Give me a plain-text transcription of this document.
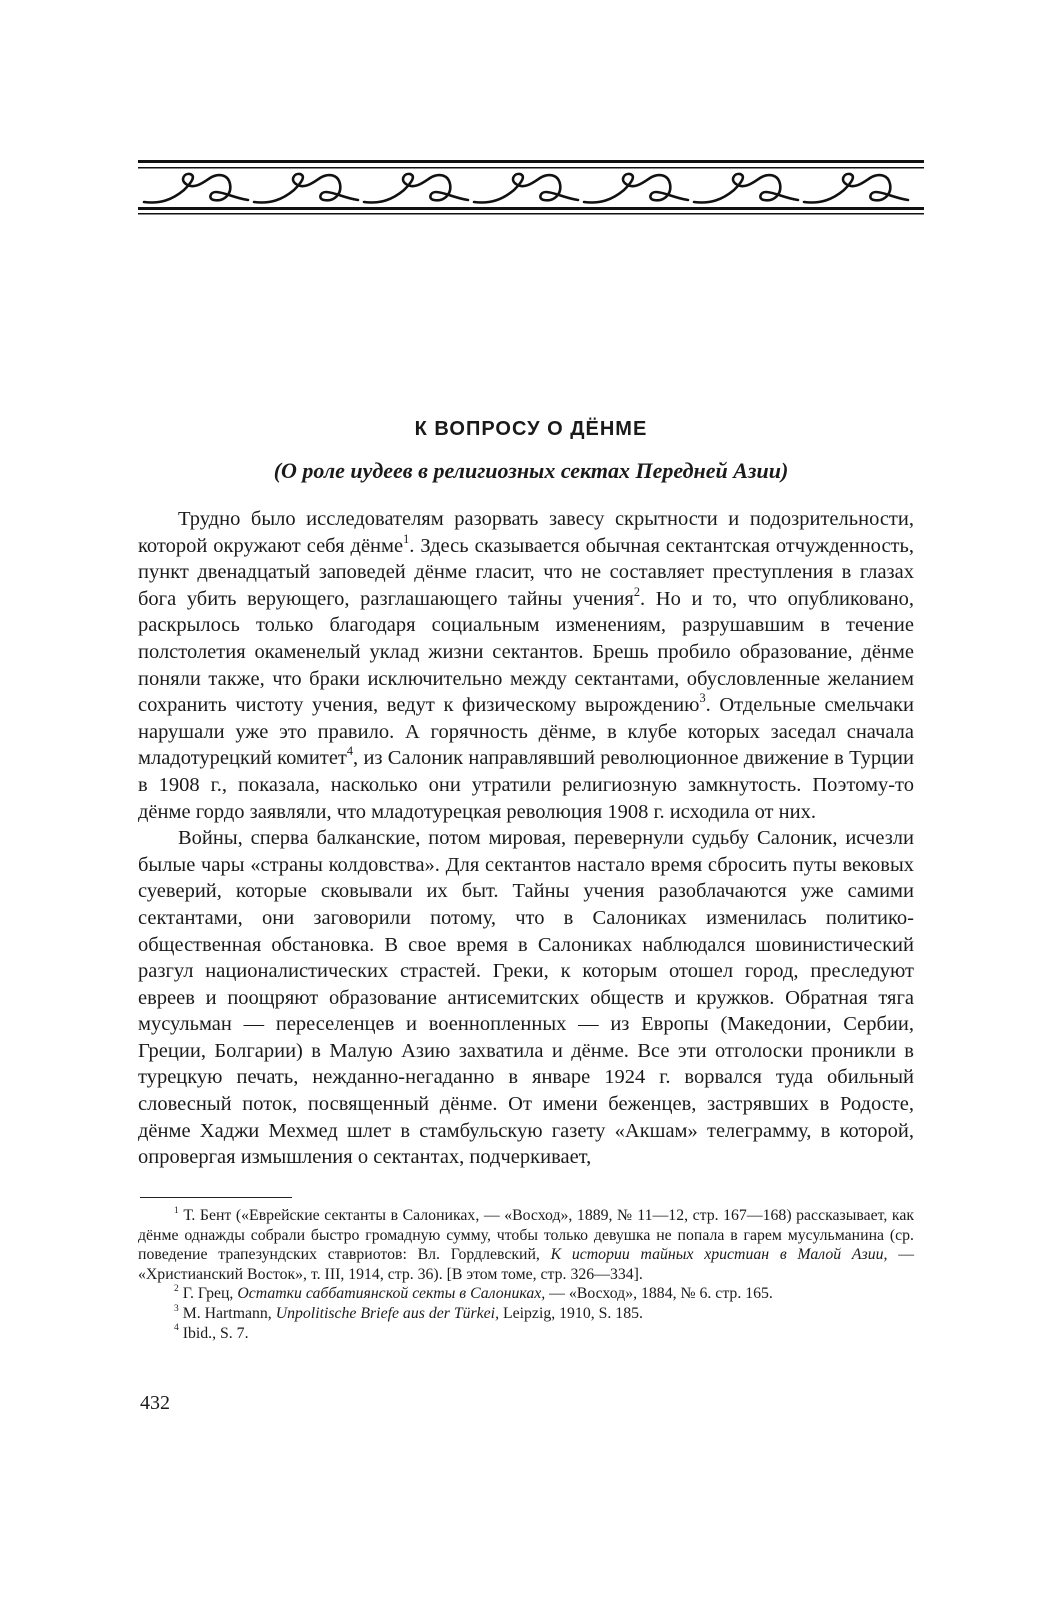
К ВОПРОСУ О ДЁНМЕ
(О роле иудеев в религиозных сектах Передней Азии)

Трудно было исследователям разорвать завесу скрытности и подозрительности, которой окружают себя дёнме$^1$. Здесь сказывается обычная сектантская отчужденность, пункт двенадцатый заповедей дёнме гласит, что не составляет преступления в глазах бога убить верующего, разглашающего тайны учения$^2$. Но и то, что опубликовано, раскрылось только благодаря социальным изменениям, разрушавшим в течение полстолетия окаменелый уклад жизни сектантов. Брешь пробило образование, дёнме поняли также, что браки исключительно между сектантами, обусловленные желанием сохранить чистоту учения, ведут к физическому вырождению$^3$. Отдельные смельчаки нарушали уже это правило. А горячность дёнме, в клубе которых заседал сначала младотурецкий комитет$^4$, из Салоник направлявший революционное движение в Турции в 1908 г., показала, насколько они утратили религиозную замкнутость. Поэтому-то дёнме гордо заявляли, что младотурецкая революция 1908 г. исходила от них.

Войны, сперва балканские, потом мировая, перевернули судьбу Салоник, исчезли былые чары «страны колдовства». Для сектантов настало время сбросить путы вековых суеверий, которые сковывали их быт. Тайны учения разоблачаются уже самими сектантами, они заговорили потому, что в Салониках изменилась политико-общественная обстановка. В свое время в Салониках наблюдался шовинистический разгул националистических страстей. Греки, к которым отошел город, преследуют евреев и поощряют образование антисемитских обществ и кружков. Обратная тяга мусульман — переселенцев и военнопленных — из Европы (Македонии, Сербии, Греции, Болгарии) в Малую Азию захватила и дёнме. Все эти отголоски проникли в турецкую печать, нежданно-негаданно в январе 1924 г. ворвался туда обильный словесный поток, посвященный дёнме. От имени беженцев, застрявших в Родосте, дёнме Хаджи Мехмед шлет в стамбульскую газету «Акшам» телеграмму, в которой, опровергая измышления о сектантах, подчеркивает,

$^1$ Т. Бент («Еврейские сектанты в Салониках, — «Восход», 1889, № 11—12, стр. 167—168) рассказывает, как дёнме однажды собрали быстро громадную сумму, чтобы только девушка не попала в гарем мусульманина (ср. поведение трапезундских ставриотов: Вл. Гордлевский, К истории тайных христиан в Малой Азии, — «Христианский Восток», т. III, 1914, стр. 36). [В этом томе, стр. 326—334].

$^2$ Г. Грец, Остатки саббатиянской секты в Салониках, — «Восход», 1884, № 6. стр. 165.

$^3$ M. Hartmann, Unpolitische Briefe aus der Türkei, Leipzig, 1910, S. 185.

$^4$ Ibid., S. 7.

432
